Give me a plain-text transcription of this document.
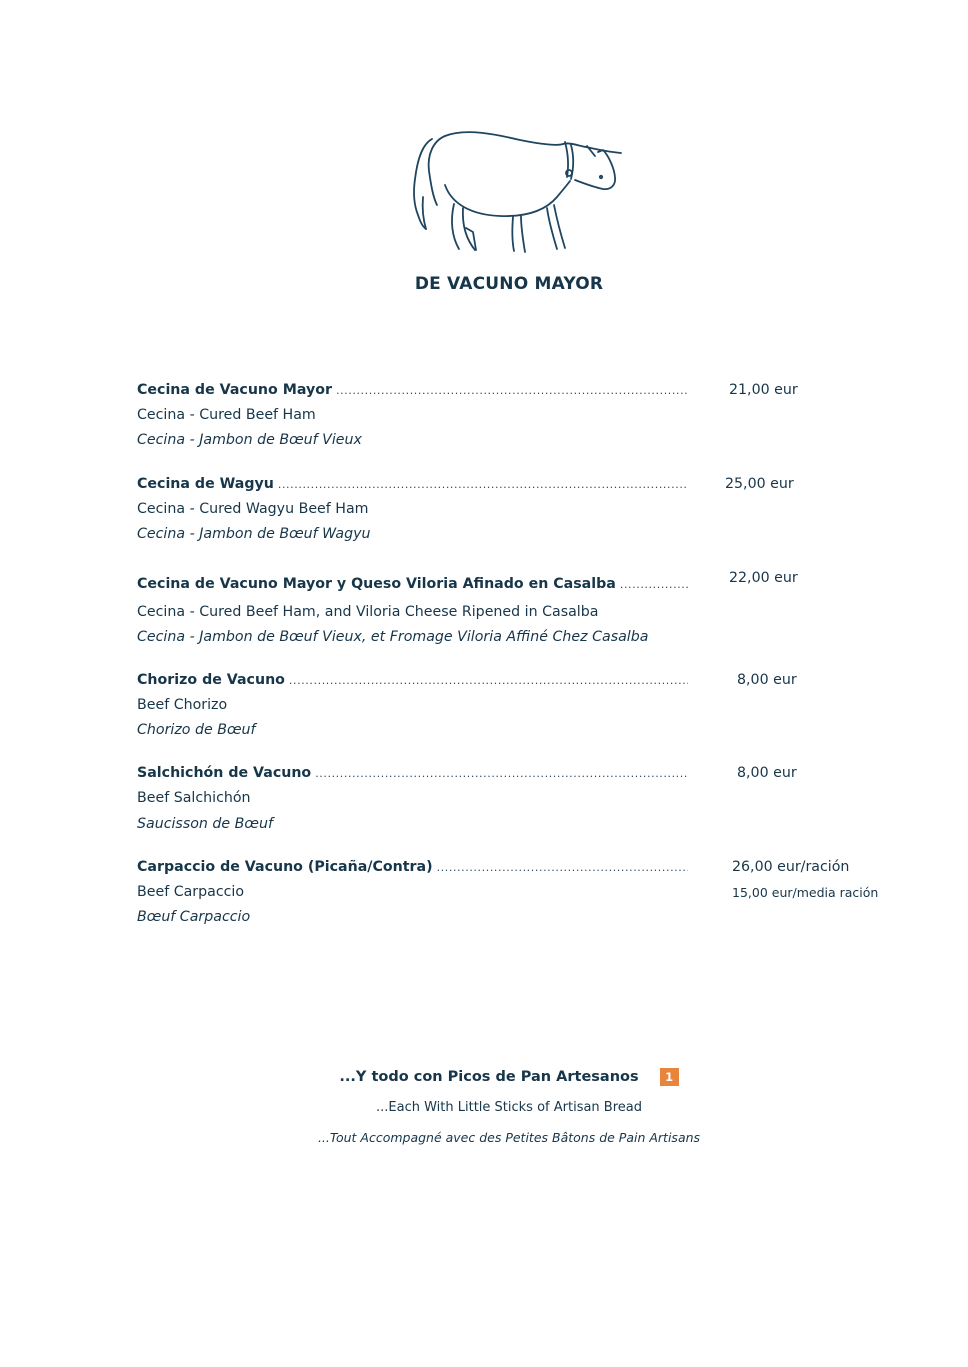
DE VACUNO MAYOR
Cecina de Vacuno Mayor
.....
Cecina - Cured Beef Ham
Cecina - Jambon de Bœuf Vieux
21,00 eur
Cecina de Wagyu
.....
Cecina - Cured Wagyu Beef Ham
Cecina - Jambon de Bœuf Wagyu
25,00 eur
Cecina de Vacuno Mayor y Queso Viloria Afinado en Casalba
.....
Cecina - Cured Beef Ham, and Viloria Cheese Ripened in Casalba
Cecina - Jambon de Bœuf Vieux, et Fromage Viloria Affiné Chez Casalba
22,00 eur
Chorizo de Vacuno
.....
Beef Chorizo
Chorizo de Bœuf
8,00 eur
Salchichón de Vacuno
.....
Beef Salchichón
Saucisson de Bœuf
8,00 eur
Carpaccio de Vacuno (Picaña/Contra)
.....
Beef Carpaccio
Bœuf Carpaccio
26,00 eur/ración
15,00 eur/media ración
...Y todo con Picos de Pan Artesanos 1
...Each With Little Sticks of Artisan Bread
...Tout Accompagné avec des Petites Bâtons de Pain Artisans
